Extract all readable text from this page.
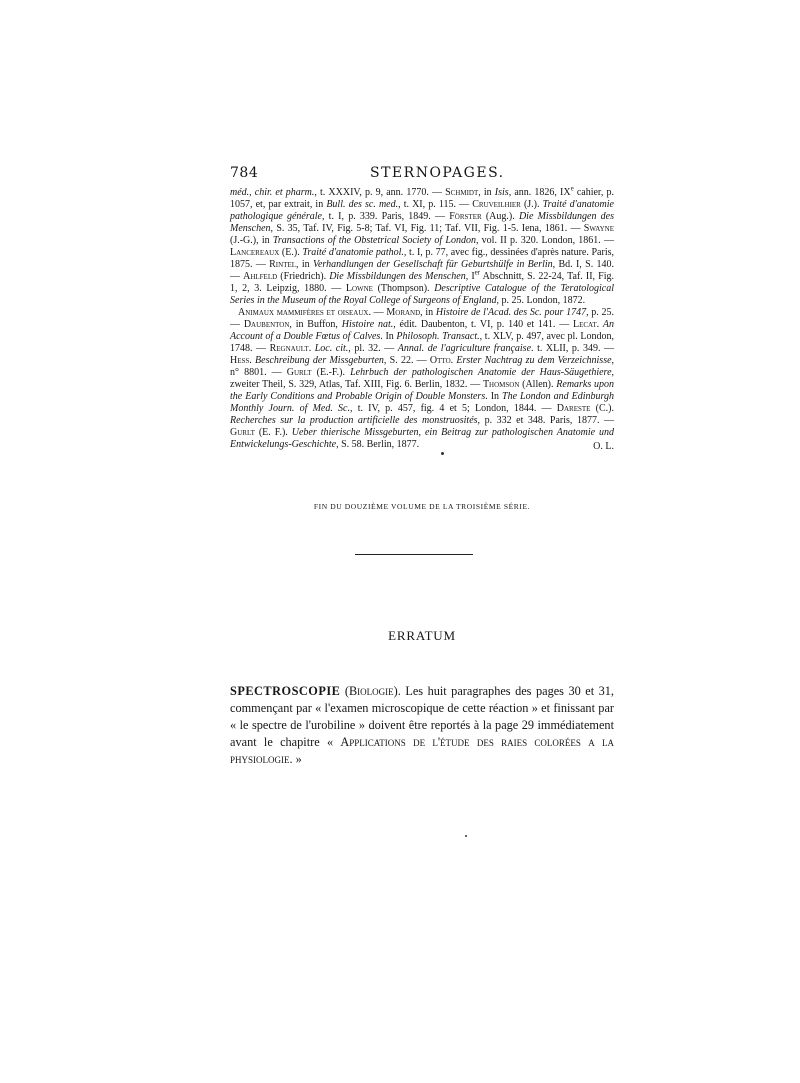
784	STERNOPAGES.

méd., chir. et pharm., t. XXXIV, p. 9, ann. 1770. — Schmidt, in Isis, ann. 1826, IXe cahier, p. 1057, et, par extrait, in Bull. des sc. med., t. XI, p. 115. — Cruveilhier (J.). Traité d'anatomie pathologique générale, t. I, p. 339. Paris, 1849. — Förster (Aug.). Die Missbildungen des Menschen, S. 35, Taf. IV, Fig. 5-8; Taf. VI, Fig. 11; Taf. VII, Fig. 1-5. Iena, 1861. — Swayne (J.-G.), in Transactions of the Obstetrical Society of London, vol. II p. 320. London, 1861. — Lancereaux (E.). Traité d'anatomie pathol., t. I, p. 77, avec fig., dessinées d'après nature. Paris, 1875. — Rintel, in Verhandlungen der Gesellschaft für Geburtshülfe in Berlin, Bd. I, S. 140. — Ahlfeld (Friedrich). Die Missbildungen des Menschen, Ier Abschnitt, S. 22-24, Taf. II, Fig. 1, 2, 3. Leipzig, 1880. — Lowne (Thompson). Descriptive Catalogue of the Teratological Series in the Museum of the Royal College of Surgeons of England, p. 25. London, 1872.

Animaux mammifères et oiseaux. — Morand, in Histoire de l'Acad. des Sc. pour 1747, p. 25. — Daubenton, in Buffon, Histoire nat., édit. Daubenton, t. VI, p. 140 et 141. — Lecat. An Account of a Double Fœtus of Calves. In Philosoph. Transact., t. XLV, p. 497, avec pl. London, 1748. — Regnault. Loc. cit., pl. 32. — Annal. de l'agriculture française. t. XLII, p. 349. — Hess. Beschreibung der Missgeburten, S. 22. — Otto. Erster Nachtrag zu dem Verzeichnisse, n° 8801. — Gurlt (E.-F.). Lehrbuch der pathologischen Anatomie der Haus-Säugethiere, zweiter Theil, S. 329, Atlas, Taf. XIII, Fig. 6. Berlin, 1832. — Thomson (Allen). Remarks upon the Early Conditions and Probable Origin of Double Monsters. In The London and Edinburgh Monthly Journ. of Med. Sc., t. IV, p. 457, fig. 4 et 5; London, 1844. — Dareste (C.). Recherches sur la production artificielle des monstruosités, p. 332 et 348. Paris, 1877. — Gurlt (E. F.). Ueber thierische Missgeburten, ein Beitrag zur pathologischen Anatomie und Entwickelungs-Geschichte, S. 58. Berlin, 1877.	O. L.
FIN DU DOUZIÈME VOLUME DE LA TROISIÈME SÉRIE.
ERRATUM
SPECTROSCOPIE (Biologie). Les huit paragraphes des pages 30 et 31, commençant par « l'examen microscopique de cette réaction » et finissant par « le spectre de l'urobiline » doivent être reportés à la page 29 immédiatement avant le chapitre « Applications de l'étude des raies colorées a la physiologie. »
